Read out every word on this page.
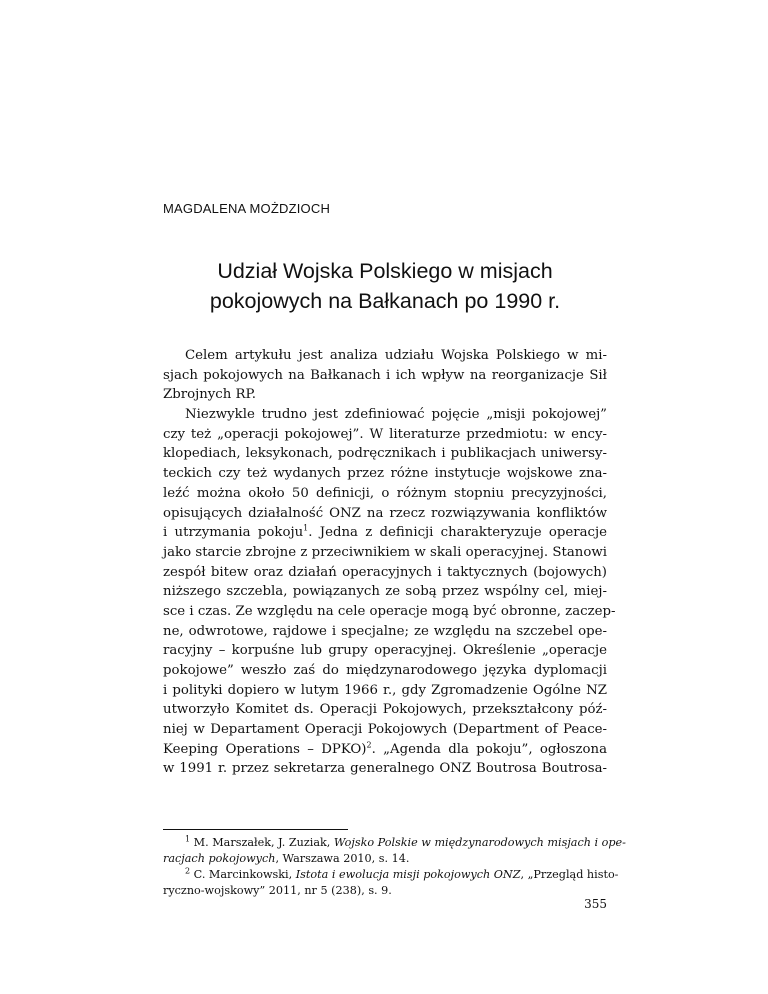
MAGDALENA MOŻDZIOCH
Udział Wojska Polskiego w misjach
pokojowych na Bałkanach po 1990 r.
Celem artykułu jest analiza udziału Wojska Polskiego w mi-
sjach pokojowych na Bałkanach i ich wpływ na reorganizacje Sił
Zbrojnych RP.
Niezwykle trudno jest zdefiniować pojęcie „misji pokojowej”
czy też „operacji pokojowej”. W literaturze przedmiotu: w ency-
klopediach, leksykonach, podręcznikach i publikacjach uniwersy-
teckich czy też wydanych przez różne instytucje wojskowe zna-
leźć można około 50 definicji, o różnym stopniu precyzyjności,
opisujących działalność ONZ na rzecz rozwiązywania konfliktów
i utrzymania pokoju$^1$. Jedna z definicji charakteryzuje operacje
jako starcie zbrojne z przeciwnikiem w skali operacyjnej. Stanowi
zespół bitew oraz działań operacyjnych i taktycznych (bojowych)
niższego szczebla, powiązanych ze sobą przez wspólny cel, miej-
sce i czas. Ze względu na cele operacje mogą być obronne, zaczep-
ne, odwrotowe, rajdowe i specjalne; ze względu na szczebel ope-
racyjny – korpuśne lub grupy operacyjnej. Określenie „operacje
pokojowe” weszło zaś do międzynarodowego języka dyplomacji
i polityki dopiero w lutym 1966 r., gdy Zgromadzenie Ogólne NZ
utworzyło Komitet ds. Operacji Pokojowych, przekształcony póź-
niej w Departament Operacji Pokojowych (Department of Peace-
Keeping Operations – DPKO)$^2$. „Agenda dla pokoju”, ogłoszona
w 1991 r. przez sekretarza generalnego ONZ Boutrosa Boutrosa-
$^1$ M. Marszałek, J. Zuziak, Wojsko Polskie w międzynarodowych misjach i ope-
racjach pokojowych, Warszawa 2010, s. 14.
$^2$ C. Marcinkowski, Istota i ewolucja misji pokojowych ONZ, „Przegląd histo-
ryczno-wojskowy” 2011, nr 5 (238), s. 9.
355
